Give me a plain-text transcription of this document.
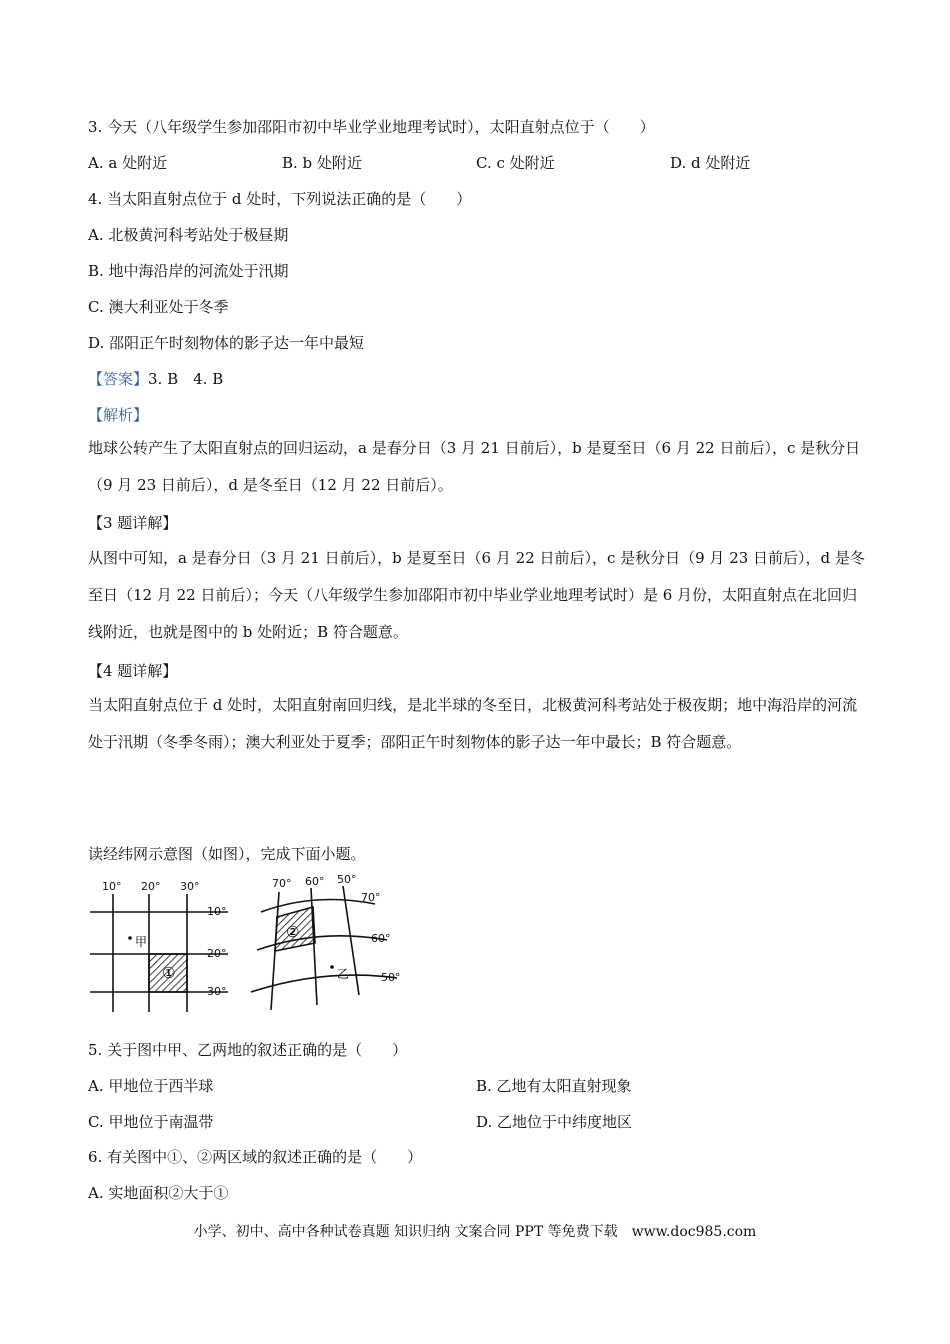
3. 今天（八年级学生参加邵阳市初中毕业学业地理考试时），太阳直射点位于（　　）
A. a 处附近	B. b 处附近	C. c 处附近	D. d 处附近
4. 当太阳直射点位于 d 处时，下列说法正确的是（　　）
A. 北极黄河科考站处于极昼期
B. 地中海沿岸的河流处于汛期
C. 澳大利亚处于冬季
D. 邵阳正午时刻物体的影子达一年中最短
【答案】3. B　4. B
【解析】
地球公转产生了太阳直射点的回归运动，a 是春分日（3 月 21 日前后），b 是夏至日（6 月 22 日前后），c 是秋分日（9 月 23 日前后），d 是冬至日（12 月 22 日前后）。
【3 题详解】
从图中可知，a 是春分日（3 月 21 日前后），b 是夏至日（6 月 22 日前后），c 是秋分日（9 月 23 日前后），d 是冬至日（12 月 22 日前后）；今天（八年级学生参加邵阳市初中毕业学业地理考试时）是 6 月份，太阳直射点在北回归线附近，也就是图中的 b 处附近；B 符合题意。
【4 题详解】
当太阳直射点位于 d 处时，太阳直射南回归线，是北半球的冬至日，北极黄河科考站处于极夜期；地中海沿岸的河流处于汛期（冬季冬雨）；澳大利亚处于夏季；邵阳正午时刻物体的影子达一年中最长；B 符合题意。
读经纬网示意图（如图），完成下面小题。
甲
①
10° 20° 30°
10°
20°
30°
乙
②
70° 60° 50°
70°
60°
50°
5. 关于图中甲、乙两地的叙述正确的是（　　）
A. 甲地位于西半球	B. 乙地有太阳直射现象
C. 甲地位于南温带	D. 乙地位于中纬度地区
6. 有关图中①、②两区域的叙述正确的是（　　）
A. 实地面积②大于①
小学、初中、高中各种试卷真题 知识归纳 文案合同 PPT 等免费下载　www.doc985.com
